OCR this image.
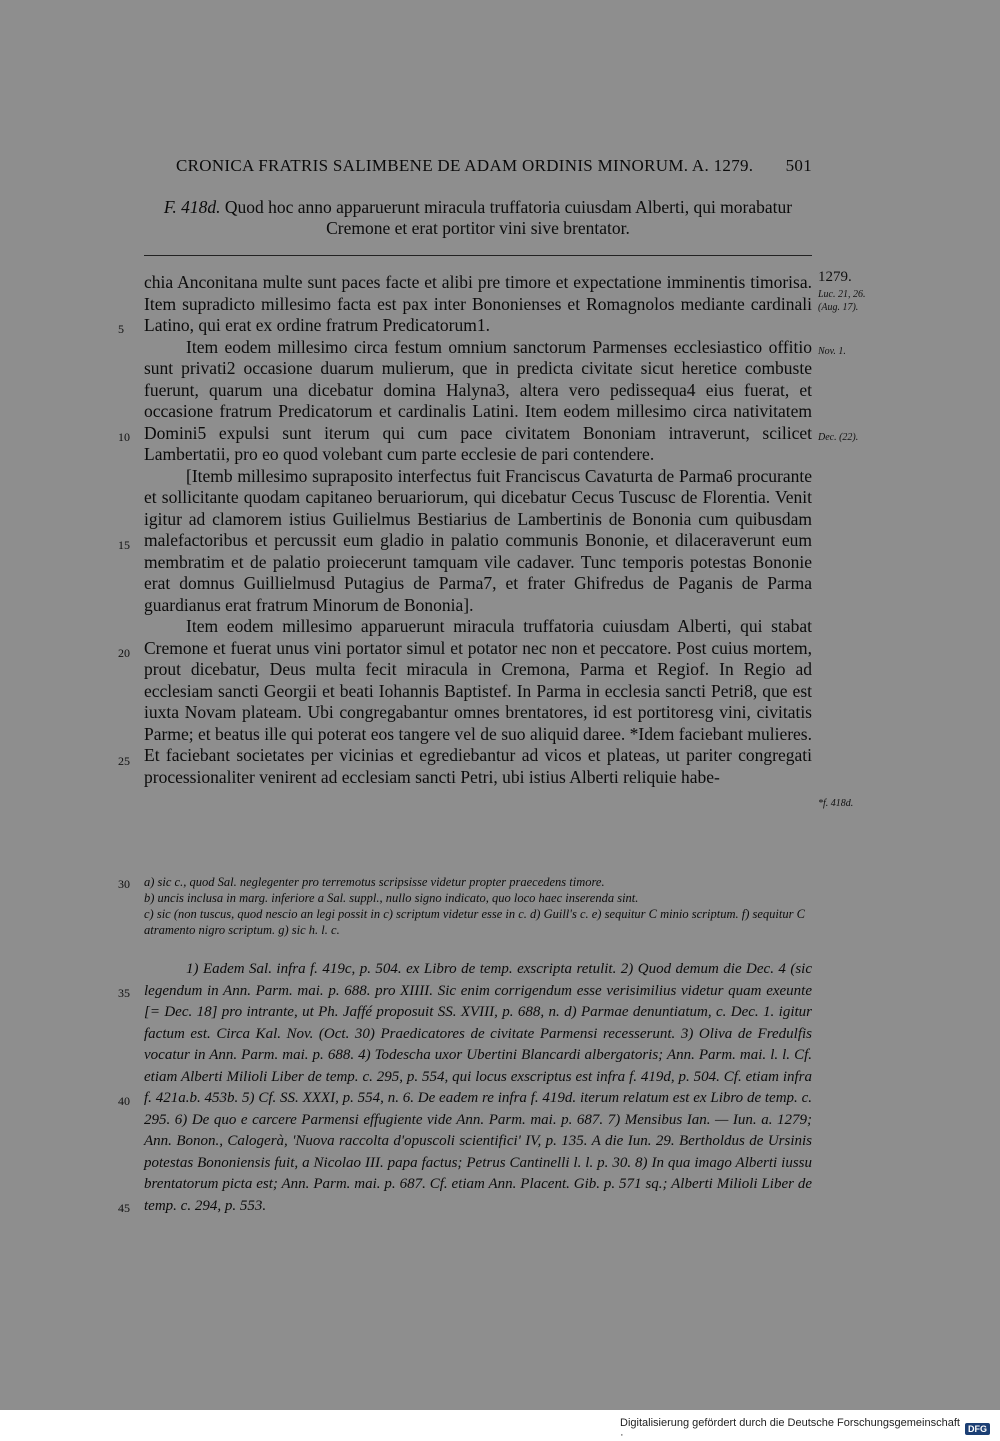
CRONICA FRATRIS SALIMBENE DE ADAM ORDINIS MINORUM. A. 1279. 501
F. 418d. Quod hoc anno apparuerunt miracula truffatoria cuiusdam Alberti, qui morabatur Cremone et erat portitor vini sive brentator.

chia Anconitana multe sunt paces facte et alibi pre timore et expectatione imminentis timorisa. Item supradicto millesimo facta est pax inter Bononienses et Romagnolos mediante cardinali Latino, qui erat ex ordine fratrum Predicatorum1.

Item eodem millesimo circa festum omnium sanctorum Parmenses ecclesiastico offitio sunt privati2 occasione duarum mulierum, que in predicta civitate sicut heretice combuste fuerunt, quarum una dicebatur domina Halyna3, altera vero pedissequa4 eius fuerat, et occasione fratrum Predicatorum et cardinalis Latini. Item eodem millesimo circa nativitatem Domini5 expulsi sunt iterum qui cum pace civitatem Bononiam intraverunt, scilicet Lambertatii, pro eo quod volebant cum parte ecclesie de pari contendere.

[Itemb millesimo supraposito interfectus fuit Franciscus Cavaturta de Parma6 procurante et sollicitante quodam capitaneo beruariorum, qui dicebatur Cecus Tuscusc de Florentia. Venit igitur ad clamorem istius Guilielmus Bestiarius de Lambertinis de Bononia cum quibusdam malefactoribus et percussit eum gladio in palatio communis Bononie, et dilaceraverunt eum membratim et de palatio proiecerunt tamquam vile cadaver. Tunc temporis potestas Bononie erat domnus Guillielmusd Putagius de Parma7, et frater Ghifredus de Paganis de Parma guardianus erat fratrum Minorum de Bononia].

Item eodem millesimo apparuerunt miracula truffatoria cuiusdam Alberti, qui stabat Cremone et fuerat unus vini portator simul et potator nec non et peccatore. Post cuius mortem, prout dicebatur, Deus multa fecit miracula in Cremona, Parma et Regiof. In Regio ad ecclesiam sancti Georgii et beati Iohannis Baptistef. In Parma in ecclesia sancti Petri8, que est iuxta Novam plateam. Ubi congregabantur omnes brentatores, id est portitoresg vini, civitatis Parme; et beatus ille qui poterat eos tangere vel de suo aliquid daree. *Idem faciebant mulieres. Et faciebant societates per vicinias et egrediebantur ad vicos et plateas, ut pariter congregati processionaliter venirent ad ecclesiam sancti Petri, ubi istius Alberti reliquie habe-

5
10
15
20
25
30
35
40
45
1279.
Luc. 21, 26.
(Aug. 17).
Nov. 1.
Dec. (22).
*f. 418d.
a) sic c., quod Sal. neglegenter pro terremotus scripsisse videtur propter praecedens timore.
b) uncis inclusa in marg. inferiore a Sal. suppl., nullo signo indicato, quo loco haec inserenda sint.
c) sic (non tuscus, quod nescio an legi possit in c) scriptum videtur esse in c. d) Guill's c. e) sequitur C minio scriptum. f) sequitur C atramento nigro scriptum. g) sic h. l. c.

1) Eadem Sal. infra f. 419c, p. 504. ex Libro de temp. exscripta retulit. 2) Quod demum die Dec. 4 (sic legendum in Ann. Parm. mai. p. 688. pro XIIII. Sic enim corrigendum esse verisimilius videtur quam exeunte [= Dec. 18] pro intrante, ut Ph. Jaffé proposuit SS. XVIII, p. 688, n. d) Parmae denuntiatum, c. Dec. 1. igitur factum est. Circa Kal. Nov. (Oct. 30) Praedicatores de civitate Parmensi recesserunt. 3) Oliva de Fredulfis vocatur in Ann. Parm. mai. p. 688. 4) Todescha uxor Ubertini Blancardi albergatoris; Ann. Parm. mai. l. l. Cf. etiam Alberti Milioli Liber de temp. c. 295, p. 554, qui locus exscriptus est infra f. 419d, p. 504. Cf. etiam infra f. 421a.b. 453b. 5) Cf. SS. XXXI, p. 554, n. 6. De eadem re infra f. 419d. iterum relatum est ex Libro de temp. c. 295. 6) De quo e carcere Parmensi effugiente vide Ann. Parm. mai. p. 687. 7) Mensibus Ian. — Iun. a. 1279; Ann. Bonon., Calogerà, 'Nuova raccolta d'opuscoli scientifici' IV, p. 135. A die Iun. 29. Bertholdus de Ursinis potestas Bononiensis fuit, a Nicolao III. papa factus; Petrus Cantinelli l. l. p. 30. 8) In qua imago Alberti iussu brentatorum picta est; Ann. Parm. mai. p. 687. Cf. etiam Ann. Placent. Gib. p. 571 sq.; Alberti Milioli Liber de temp. c. 294, p. 553.

Digitalisierung gefördert durch die Deutsche Forschungsgemeinschaft ·	DFG
